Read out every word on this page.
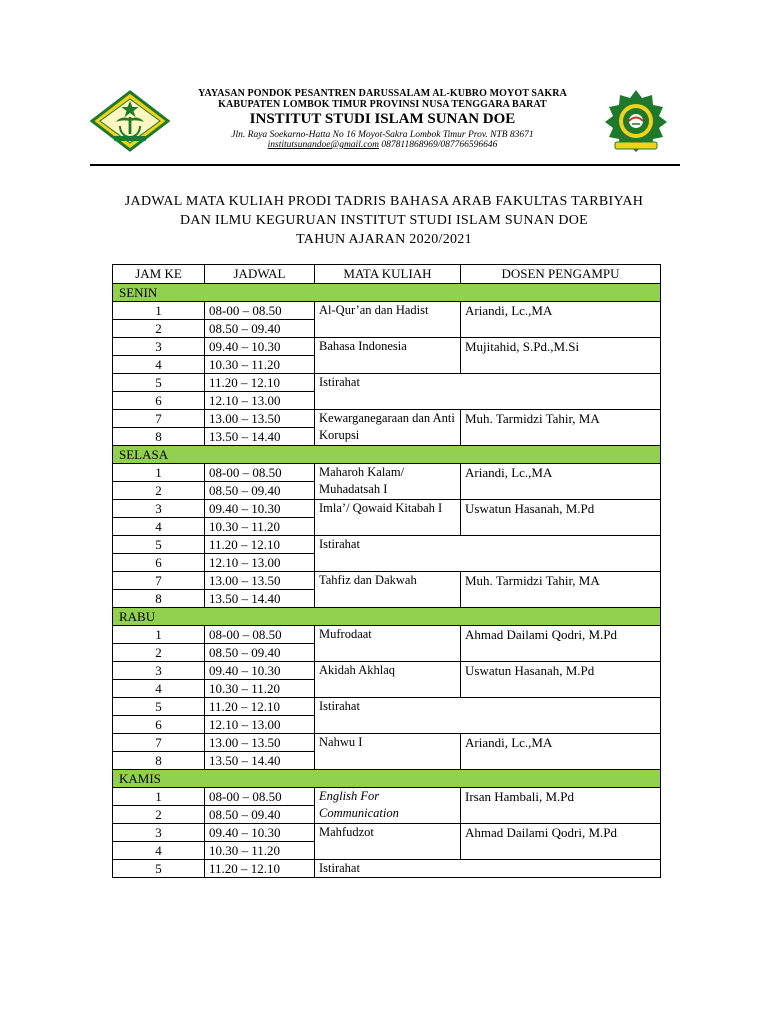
YAYASAN PONDOK PESANTREN DARUSSALAM AL-KUBRO MOYOT SAKRA
KABUPATEN LOMBOK TIMUR PROVINSI NUSA TENGGARA BARAT
INSTITUT STUDI ISLAM SUNAN DOE
Jln. Raya Soekarno-Hatta No 16 Moyot-Sakra Lombok Timur Prov. NTB 83671
institutsunandoe@gmail.com 087811868969/087766596646
JADWAL MATA KULIAH PRODI TADRIS BAHASA ARAB FAKULTAS TARBIYAH
DAN ILMU KEGURUAN INSTITUT STUDI ISLAM SUNAN DOE
TAHUN AJARAN 2020/2021
JAM KE	JADWAL	MATA KULIAH	DOSEN PENGAMPU
SENIN			
1	08-00 – 08.50	Al-Qur’an dan Hadist	Ariandi, Lc.,MA
2	08.50 – 09.40		
3	09.40 – 10.30	Bahasa Indonesia	Mujitahid, S.Pd.,M.Si
4	10.30 – 11.20		
5	11.20 – 12.10	Istirahat	
6	12.10 – 13.00		
7	13.00 – 13.50	Kewarganegaraan dan Anti Korupsi	Muh. Tarmidzi Tahir, MA
8	13.50 – 14.40		
SELASA			
1	08-00 – 08.50	Maharoh Kalam/ Muhadatsah I	Ariandi, Lc.,MA
2	08.50 – 09.40		
3	09.40 – 10.30	Imla’/ Qowaid Kitabah I	Uswatun Hasanah, M.Pd
4	10.30 – 11.20		
5	11.20 – 12.10	Istirahat	
6	12.10 – 13.00		
7	13.00 – 13.50	Tahfiz dan Dakwah	Muh. Tarmidzi Tahir, MA
8	13.50 – 14.40		
RABU			
1	08-00 – 08.50	Mufrodaat	Ahmad Dailami Qodri, M.Pd
2	08.50 – 09.40		
3	09.40 – 10.30	Akidah Akhlaq	Uswatun Hasanah, M.Pd
4	10.30 – 11.20		
5	11.20 – 12.10	Istirahat	
6	12.10 – 13.00		
7	13.00 – 13.50	Nahwu I	Ariandi, Lc.,MA
8	13.50 – 14.40		
KAMIS			
1	08-00 – 08.50	English For Communication	Irsan Hambali, M.Pd
2	08.50 – 09.40		
3	09.40 – 10.30	Mahfudzot	Ahmad Dailami Qodri, M.Pd
4	10.30 – 11.20		
5	11.20 – 12.10	Istirahat	
